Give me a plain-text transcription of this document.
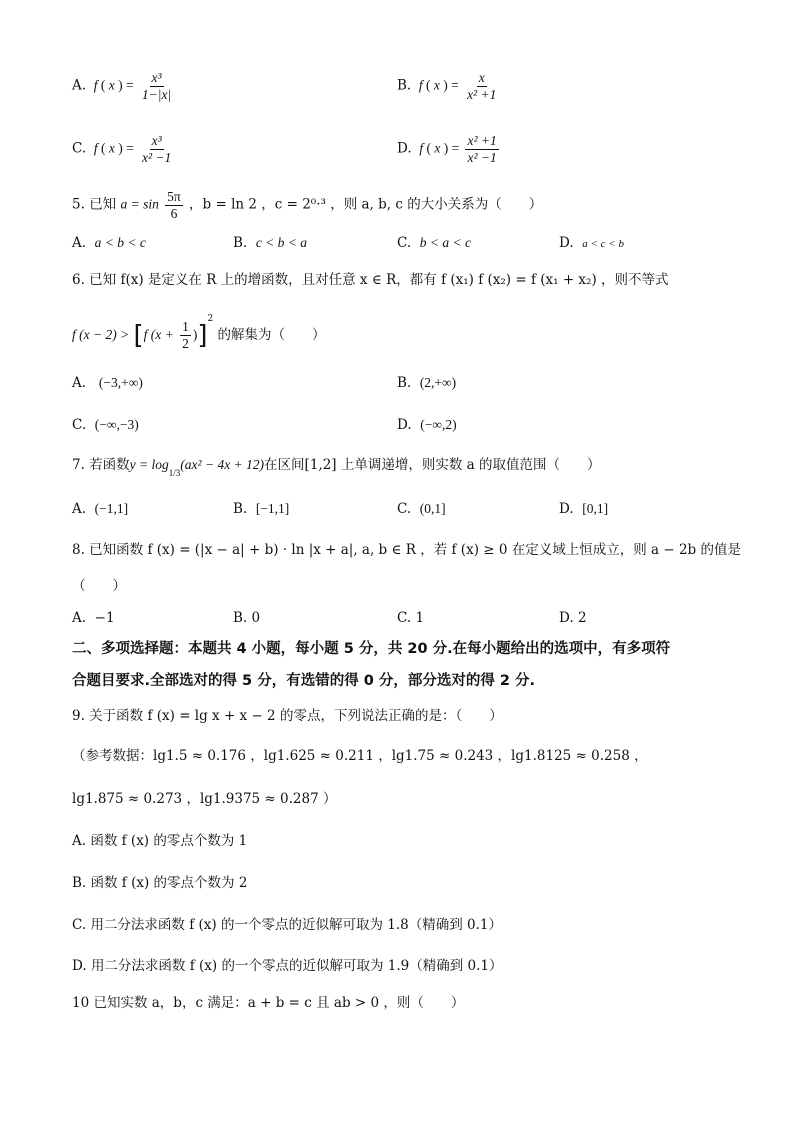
A.  f ( x ) = $\frac{\text{x³}}{1-|x|}$	B.  f ( x ) = $\frac{x}{\text{x² +1}}$
C.  f ( x ) = $\frac{\text{x³}}{\text{x² −1}}$	D.  f ( x ) = $\frac{\text{x² +1}}{\text{x² −1}}$
5. 已知 $a = \sin \frac{5\pi}{6}$ ，b = ln 2 ，c = 2⁰·³ ，则 a, b, c 的大小关系为（　　）
A. a < b < c	B. c < b < a	C. b < a < c	D. a < c < b
6. 已知 f(x) 是定义在 R 上的增函数，且对任意 x ∈ R，都有 f (x₁) f (x₂) = f (x₁ + x₂) ，则不等式
f (x − 2) > [f $(x + \frac{1}{2} )]^2$ 的解集为（　　）
A. (−3,+∞)	B. (2,+∞)
C. (−∞,−3)	D. (−∞,2)
7. 若函数$y = \log_{1/3}(ax^2 - 4x + 12)$在区间[1,2] 上单调递增，则实数 a 的取值范围（　　）
A. (−1,1]	B. [−1,1]	C. (0,1]	D. [0,1]
8. 已知函数 f (x) = (|x − a| + b) · ln |x + a|, a, b ∈ R ，若 f (x) ≥ 0 在定义域上恒成立，则 a − 2b 的值是
（　　）
A. −1	B. 0	C. 1	D. 2
二、多项选择题：本题共 4 小题，每小题 5 分，共 20 分.在每小题给出的选项中，有多项符
合题目要求.全部选对的得 5 分，有选错的得 0 分，部分选对的得 2 分.
9. 关于函数 f (x) = lg x + x − 2 的零点，下列说法正确的是：（　　）
（参考数据：lg1.5 ≈ 0.176 ，lg1.625 ≈ 0.211 ，lg1.75 ≈ 0.243 ，lg1.8125 ≈ 0.258 ，
lg1.875 ≈ 0.273 ，lg1.9375 ≈ 0.287 ）
A. 函数 f (x) 的零点个数为 1
B. 函数 f (x) 的零点个数为 2
C. 用二分法求函数 f (x) 的一个零点的近似解可取为 1.8（精确到 0.1）
D. 用二分法求函数 f (x) 的一个零点的近似解可取为 1.9（精确到 0.1）
10 已知实数 a，b，c 满足：a + b = c 且 ab > 0 ，则（　　）
